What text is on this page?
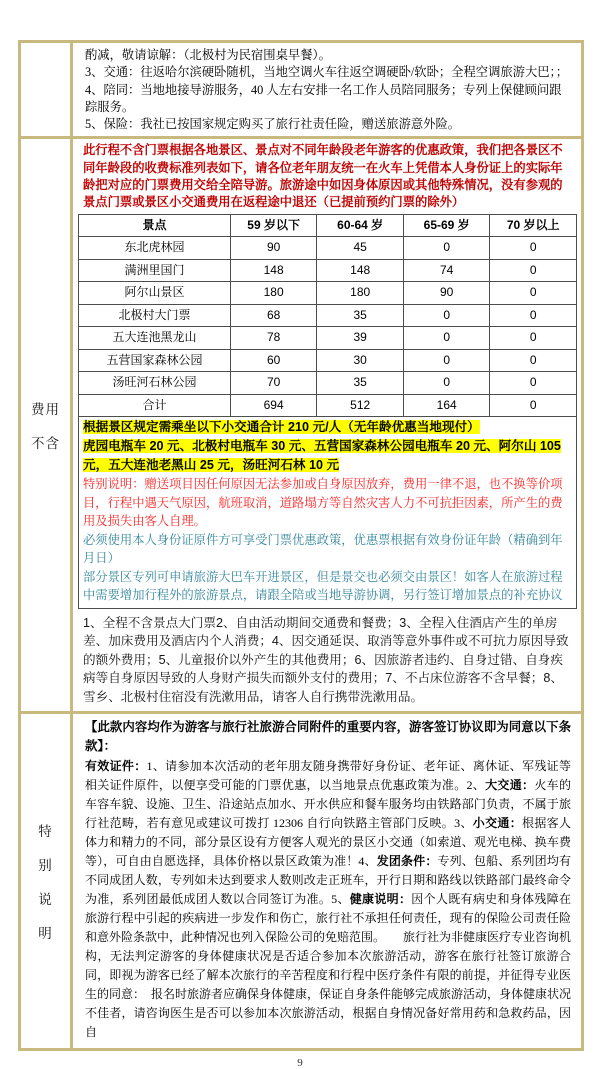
酌减，敬请谅解：（北极村为民宿围桌早餐）。
3、交通：往返哈尔滨硬卧随机，当地空调火车往返空调硬卧/软卧；全程空调旅游大巴；；
4、陪同：当地地接导游服务，40 人左右安排一名工作人员陪同服务；专列上保健顾问跟踪服务。
5、保险：我社已按国家规定购买了旅行社责任险，赠送旅游意外险。
费用
不含

此行程不含门票根据各地景区、景点对不同年龄段老年游客的优惠政策，我们把各景区不同年龄段的收费标准列表如下，请各位老年朋友统一在火车上凭借本人身份证上的实际年龄把对应的门票费用交给全陪导游。旅游途中如因身体原因或其他特殊情况，没有参观的景点门票或景区小交通费用在返程途中退还（已提前预约门票的除外）

景点	59 岁以下	60-64 岁	65-69 岁	70 岁以上
东北虎林园	90	45	0	0
满洲里国门	148	148	74	0
阿尔山景区	180	180	90	0
北极村大门票	68	35	0	0
五大连池黑龙山	78	39	0	0
五营国家森林公园	60	30	0	0
汤旺河石林公园	70	35	0	0
合计	694	512	164	0

根据景区规定需乘坐以下小交通合计 210 元/人（无年龄优惠当地现付）
虎园电瓶车 20 元、北极村电瓶车 30 元、五营国家森林公园电瓶车 20 元、阿尔山 105 元，五大连池老黑山 25 元，汤旺河石林 10 元
特别说明：赠送项目因任何原因无法参加或自身原因放弃，费用一律不退，也不换等价项目，行程中遇天气原因，航班取消，道路塌方等自然灾害人力不可抗拒因素，所产生的费用及损失由客人自理。
必须使用本人身份证原件方可享受门票优惠政策，优惠票根据有效身份证年龄（精确到年月日）
部分景区专列可申请旅游大巴车开进景区，但是景交也必须交由景区！如客人在旅游过程中需要增加行程外的旅游景点，请跟全陪或当地导游协调，另行签订增加景点的补充协议				

1、全程不含景点大门票2、自由活动期间交通费和餐费；3、全程入住酒店产生的单房差、加床费用及酒店内个人消费；4、因交通延误、取消等意外事件或不可抗力原因导致的额外费用；5、儿童报价以外产生的其他费用；6、因旅游者违约、自身过错、自身疾病等自身原因导致的人身财产损失而额外支付的费用；7、不占床位游客不含早餐；8、雪乡、北极村住宿没有洗漱用品，请客人自行携带洗漱用品。

特
别
说
明

【此款内容均作为游客与旅行社旅游合同附件的重要内容，游客签订协议即为同意以下条款】：

有效证件：1、请参加本次活动的老年朋友随身携带好身份证、老年证、离休证、军残证等相关证件原件，以便享受可能的门票优惠，以当地景点优惠政策为准。2、大交通：火车的车容车貌、设施、卫生、沿途站点加水、开水供应和餐车服务均由铁路部门负责，不属于旅行社范畴，若有意见或建议可拨打 12306 自行向铁路主管部门反映。3、小交通：根据客人体力和精力的不同，部分景区设有方便客人观光的景区小交通（如索道、观光电梯、换车费等），可自由自愿选择，具体价格以景区政策为准！4、发团条件：专列、包船、系列团均有不同成团人数，专列如未达到要求人数则改走正班车，开行日期和路线以铁路部门最终命令为准，系列团最低成团人数以合同签订为准。5、健康说明：因个人既有病史和身体残障在旅游行程中引起的疾病进一步发作和伤亡，旅行社不承担任何责任，现有的保险公司责任险和意外险条款中，此种情况也列入保险公司的免赔范围。　　旅行社为非健康医疗专业咨询机构，无法判定游客的身体健康状况是否适合参加本次旅游活动，游客在旅行社签订旅游合同，即视为游客已经了解本次旅行的辛苦程度和行程中医疗条件有限的前提，并征得专业医生的同意：　报名时旅游者应确保身体健康，保证自身条件能够完成旅游活动，身体健康状况不佳者，请咨询医生是否可以参加本次旅游活动，根据自身情况备好常用药和急救药品，因自

9
